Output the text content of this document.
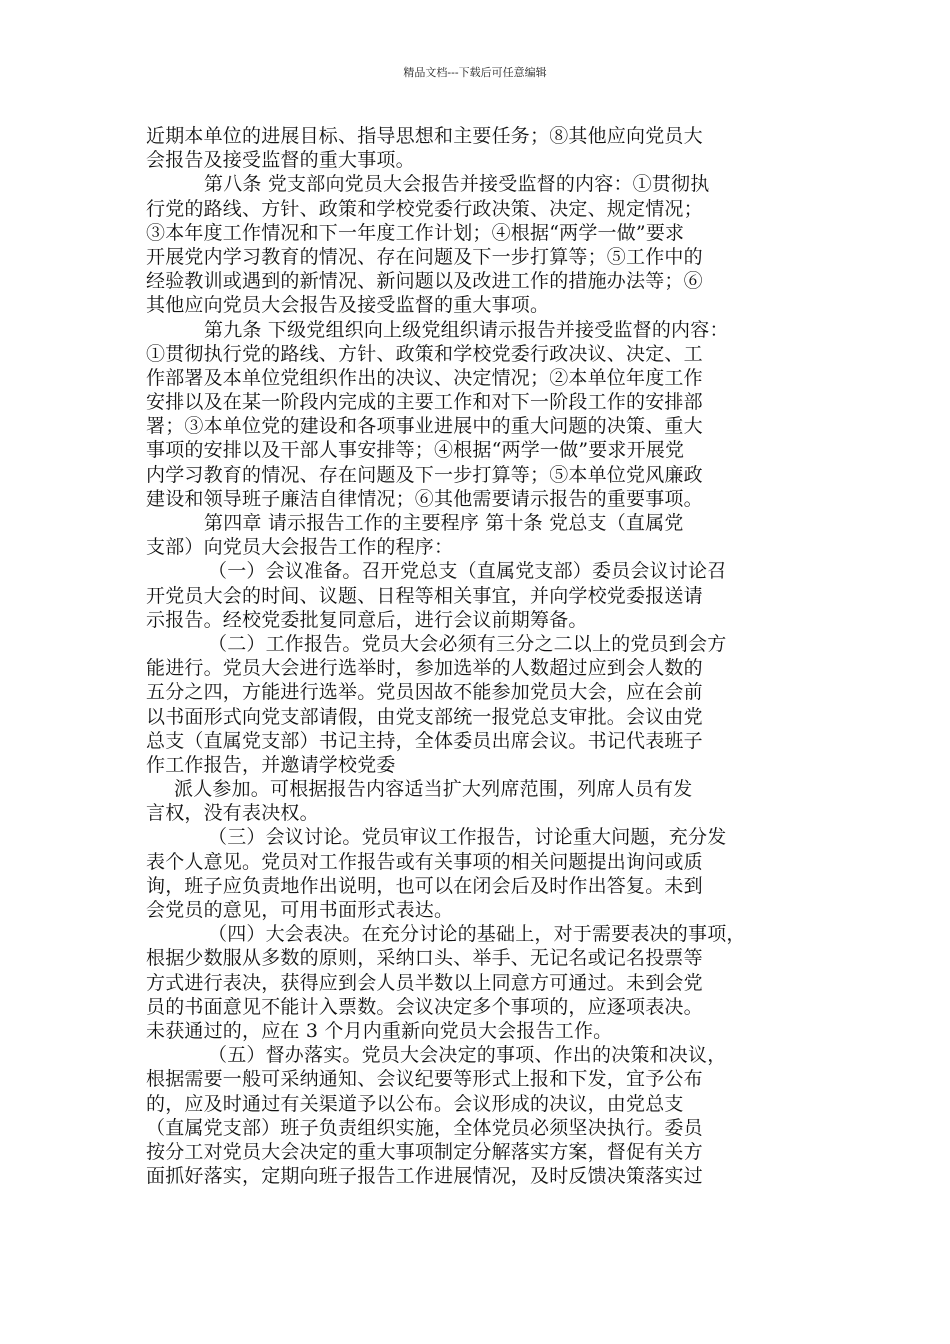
精品文档---下载后可任意编辑
近期本单位的进展目标、指导思想和主要任务；⑧其他应向党员大
会报告及接受监督的重大事项。
第八条 党支部向党员大会报告并接受监督的内容：①贯彻执
行党的路线、方针、政策和学校党委行政决策、决定、规定情况；
③本年度工作情况和下一年度工作计划；④根据“两学一做”要求
开展党内学习教育的情况、存在问题及下一步打算等；⑤工作中的
经验教训或遇到的新情况、新问题以及改进工作的措施办法等；⑥
其他应向党员大会报告及接受监督的重大事项。
第九条 下级党组织向上级党组织请示报告并接受监督的内容：
①贯彻执行党的路线、方针、政策和学校党委行政决议、决定、工
作部署及本单位党组织作出的决议、决定情况；②本单位年度工作
安排以及在某一阶段内完成的主要工作和对下一阶段工作的安排部
署；③本单位党的建设和各项事业进展中的重大问题的决策、重大
事项的安排以及干部人事安排等；④根据“两学一做”要求开展党
内学习教育的情况、存在问题及下一步打算等；⑤本单位党风廉政
建设和领导班子廉洁自律情况；⑥其他需要请示报告的重要事项。
第四章 请示报告工作的主要程序 第十条 党总支（直属党
支部）向党员大会报告工作的程序：
（一）会议准备。召开党总支（直属党支部）委员会议讨论召
开党员大会的时间、议题、日程等相关事宜，并向学校党委报送请
示报告。经校党委批复同意后，进行会议前期筹备。
（二）工作报告。党员大会必须有三分之二以上的党员到会方
能进行。党员大会进行选举时，参加选举的人数超过应到会人数的
五分之四，方能进行选举。党员因故不能参加党员大会，应在会前
以书面形式向党支部请假，由党支部统一报党总支审批。会议由党
总支（直属党支部）书记主持，全体委员出席会议。书记代表班子
作工作报告，并邀请学校党委
派人参加。可根据报告内容适当扩大列席范围，列席人员有发
言权，没有表决权。
（三）会议讨论。党员审议工作报告，讨论重大问题，充分发
表个人意见。党员对工作报告或有关事项的相关问题提出询问或质
询，班子应负责地作出说明，也可以在闭会后及时作出答复。未到
会党员的意见，可用书面形式表达。
（四）大会表决。在充分讨论的基础上，对于需要表决的事项，
根据少数服从多数的原则，采纳口头、举手、无记名或记名投票等
方式进行表决，获得应到会人员半数以上同意方可通过。未到会党
员的书面意见不能计入票数。会议决定多个事项的，应逐项表决。
未获通过的，应在 3 个月内重新向党员大会报告工作。
（五）督办落实。党员大会决定的事项、作出的决策和决议，
根据需要一般可采纳通知、会议纪要等形式上报和下发，宜予公布
的，应及时通过有关渠道予以公布。会议形成的决议，由党总支
（直属党支部）班子负责组织实施，全体党员必须坚决执行。委员
按分工对党员大会决定的重大事项制定分解落实方案，督促有关方
面抓好落实，定期向班子报告工作进展情况，及时反馈决策落实过
